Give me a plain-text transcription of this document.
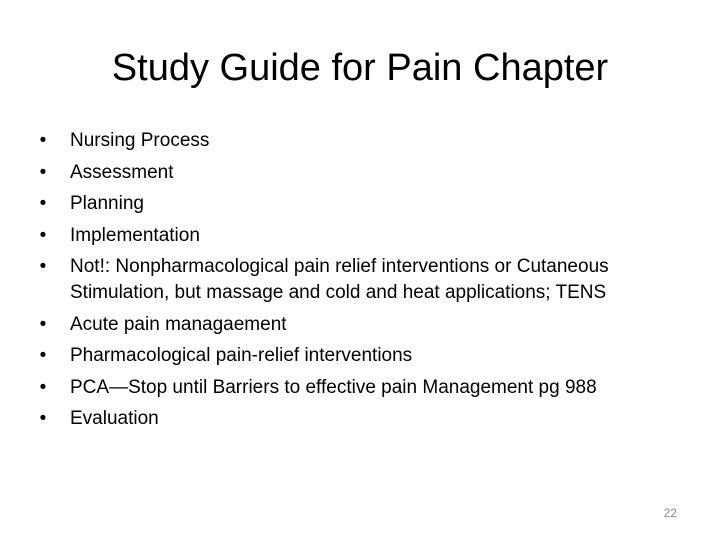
Study Guide for Pain Chapter
• Nursing Process
• Assessment
• Planning
• Implementation
• Not!: Nonpharmacological pain relief interventions or Cutaneous Stimulation, but massage and cold and heat applications; TENS
• Acute pain managaement
• Pharmacological pain-relief interventions
• PCA—Stop until Barriers to effective pain Management pg 988
• Evaluation
22
